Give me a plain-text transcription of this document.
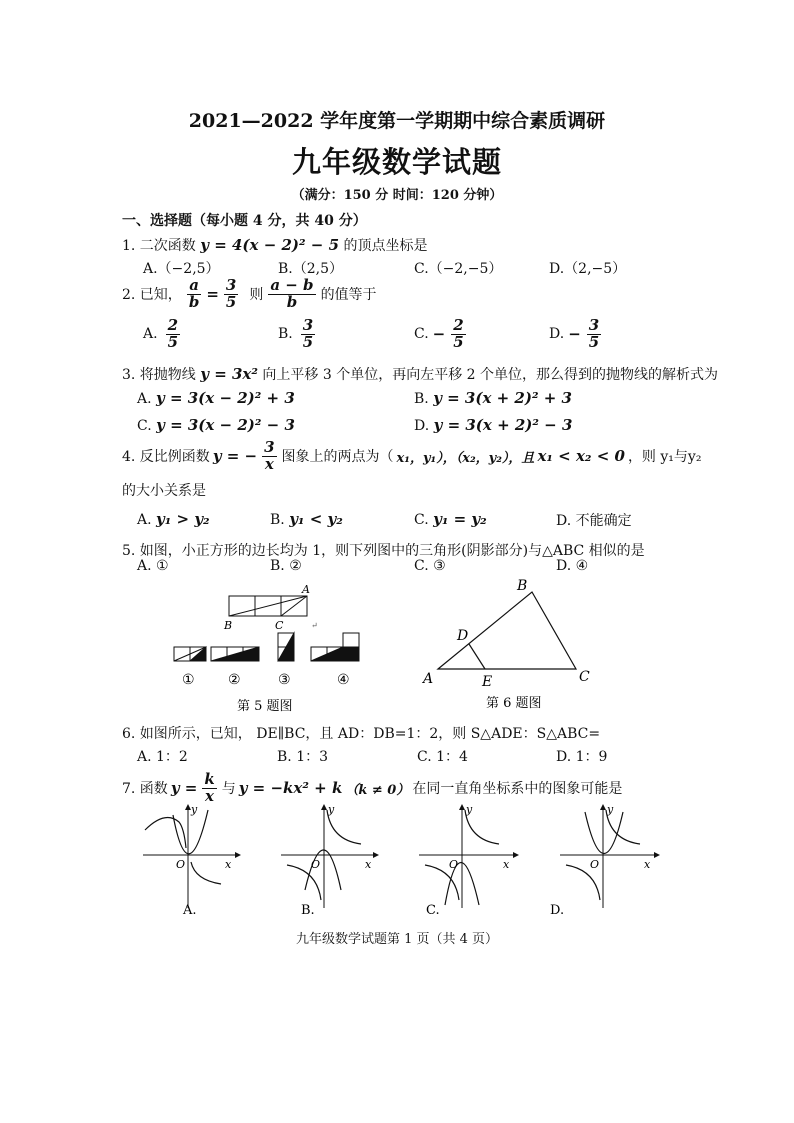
2021—2022 学年度第一学期期中综合素质调研
九年级数学试题
（满分：150 分 时间：120 分钟）
一、选择题（每小题 4 分，共 40 分）
1. 二次函数 y = 4(x − 2)² − 5 的顶点坐标是
A.（−2,5）	B.（2,5）	C.（−2,−5）	D.（2,−5）
2. 已知， $\frac{a}{b} = \frac{3}{5}$ 则 $\frac{a - b}{b}$ 的值等于
A. $\frac{2}{5}$	B. $\frac{3}{5}$	C. − $\frac{2}{5}$	D. − $\frac{3}{5}$
3. 将抛物线 y = 3x² 向上平移 3 个单位，再向左平移 2 个单位，那么得到的抛物线的解析式为
A. y = 3(x − 2)² + 3	B. y = 3(x + 2)² + 3
C. y = 3(x − 2)² − 3	D. y = 3(x + 2)² − 3
4. 反比例函数 y = − $\frac{3}{x}$ 图象上的两点为（ x₁，y₁），（x₂，y₂），且 x₁ < x₂ < 0 ，则 y₁与y₂
的大小关系是
A. y₁ > y₂	B. y₁ < y₂	C. y₁ = y₂	D. 不能确定
5. 如图，小正方形的边长均为 1，则下列图中的三角形(阴影部分)与△ABC 相似的是
A. ①	B. ②	C. ③	D. ④
A
B	C	↵
① ②	③	④
第 5 题图
B
D
A	E	C
第 6 题图
6. 如图所示，已知， DE∥BC，且 AD：DB=1：2，则 S△ADE：S△ABC=
A. 1：2	B. 1：3	C. 1：4	D. 1：9
7. 函数 $y = \frac{k}{x}$ 与 y = −kx² + k （k ≠ 0） 在同一直角坐标系中的图象可能是
O	x
y
A.
O	x
y
B.
O	x
y
C.
O	x
y
D.
九年级数学试题第 1 页（共 4 页）
